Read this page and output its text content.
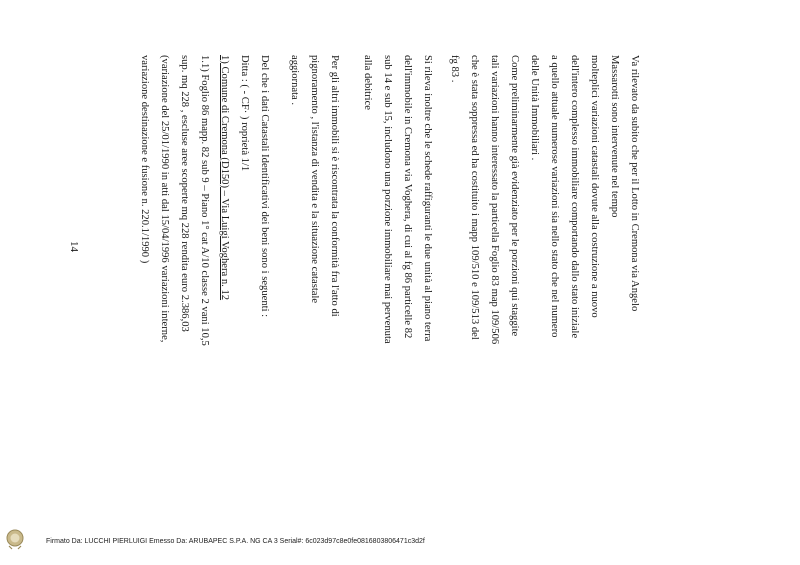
Va rilevato da subito che per il Lotto in Cremona via Angelo
Massarotti sono intervenute nel tempo
molteplici variazioni catastali dovute alla costruzione a nuovo
dell'intero complesso immobiliare comportando dallo stato iniziale
a quello attuale numerose variazioni sia nello stato che nel numero
delle Unità Immobiliari .
Come preliminarmente già evidenziato per le porzioni qui staggite
tali variazioni hanno interessato la particella Foglio 83 map 109/506
che è stata soppressa ed ha costituito i mapp 109/510 e 109/513 del
fg 83 .
Si rileva inoltre che le schede raffiguranti le due unità al piano terra
dell'immobile in Cremona via Voghera, di cui al fg 86 particelle 82
sub 14 e sub 15, includono una porzione immobiliare mai pervenuta
alla debitrice
Per gli altri immobili si è riscontrata la conformità fra l'atto di
pignoramento , l'istanza di vendita e la situazione catastale
aggiornata .
Del che i dati Catastali Identificativi dei beni sono i seguenti :
Ditta : ( - CF· ) roprietà 1/1
1) Comune di Cremona (D150) – Via Luigi Voghera n. 12
1.1) Foglio 86 mapp. 82 sub 9 – Piano 1° cat A/10 classe 2 vani 10,5
sup. mq 228 , escluse aree scoperte mq 228 rendita euro 2.386,03
(variazione del 25/01/1990 in atti dal 15/04/1996 variazioni interne,
variazione destinazione e fusione n. 220.1/1990 )
14
Firmato Da: LUCCHI PIERLUIGI Emesso Da: ARUBAPEC S.P.A. NG CA 3 Serial#: 6c023d97c8e0fe0816803806471c3d2f
